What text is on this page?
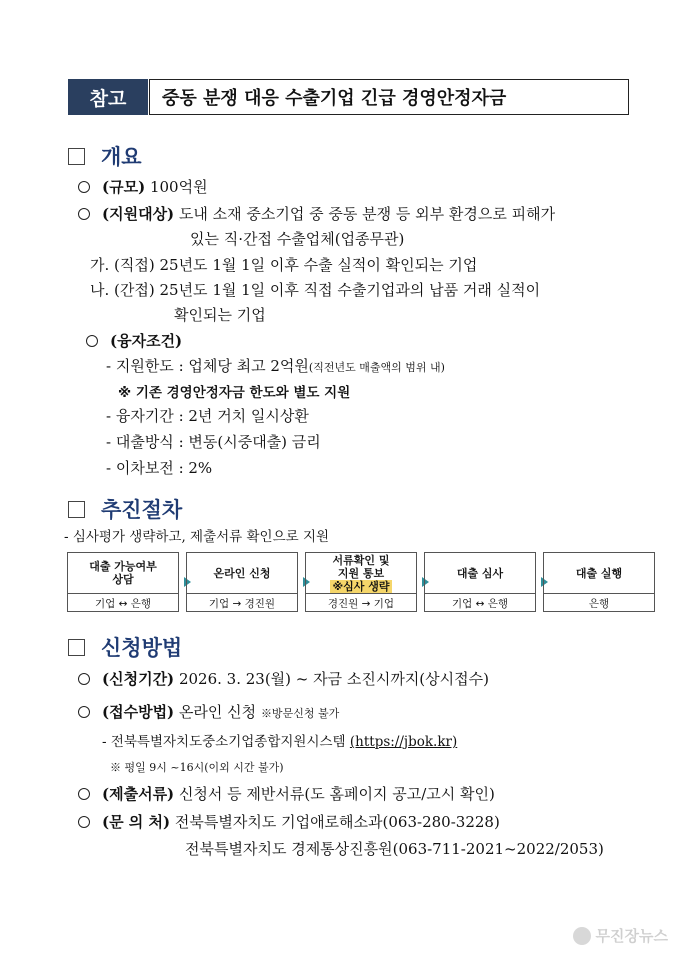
참고	중동 분쟁 대응 수출기업 긴급 경영안정자금
개요
(규모) 100억원
(지원대상) 도내 소재 중소기업 중 중동 분쟁 등 외부 환경으로 피해가
있는 직·간접 수출업체(업종무관)
가. (직접) 25년도 1월 1일 이후 수출 실적이 확인되는 기업
나. (간접) 25년도 1월 1일 이후 직접 수출기업과의 납품 거래 실적이
확인되는 기업
(융자조건)
- 지원한도 : 업체당 최고 2억원(직전년도 매출액의 범위 내)
※ 기존 경영안정자금 한도와 별도 지원
- 융자기간 : 2년 거치 일시상환
- 대출방식 : 변동(시중대출) 금리
- 이차보전 : 2%
추진절차
- 심사평가 생략하고, 제출서류 확인으로 지원
대출 가능여부
상담
기업 ↔ 은행
온라인 신청
기업 → 경진원
서류확인 및
지원 통보
※심사 생략
경진원 → 기업
대출 심사
기업 ↔ 은행
대출 실행
은행
신청방법
(신청기간) 2026. 3. 23(월) ~ 자금 소진시까지(상시접수)
(접수방법) 온라인 신청 ※방문신청 불가
- 전북특별자치도중소기업종합지원시스템 (https://jbok.kr)
※ 평일 9시 ~16시(이외 시간 불가)
(제출서류) 신청서 등 제반서류(도 홈페이지 공고/고시 확인)
(문 의 처) 전북특별자치도 기업애로해소과(063-280-3228)
전북특별자치도 경제통상진흥원(063-711-2021~2022/2053)
무진장뉴스
